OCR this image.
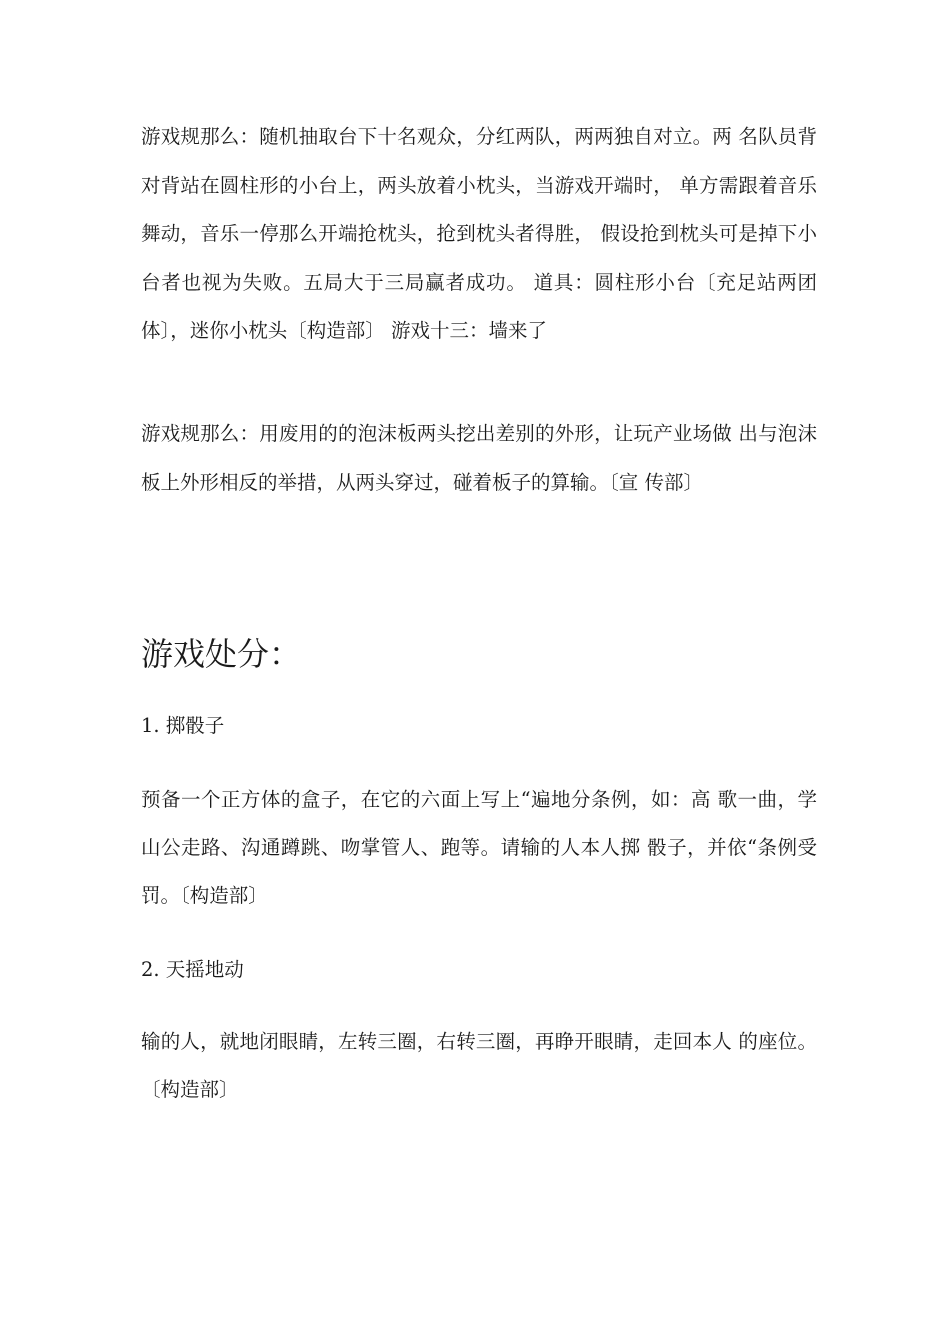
游戏规那么：随机抽取台下十名观众，分红两队，两两独自对立。两 名队员背对背站在圆柱形的小台上，两头放着小枕头，当游戏开端时， 单方需跟着音乐舞动，音乐一停那么开端抢枕头，抢到枕头者得胜， 假设抢到枕头可是掉下小台者也视为失败。五局大于三局赢者成功。 道具：圆柱形小台〔充足站两团体〕，迷你小枕头〔构造部〕 游戏十三：墙来了

游戏规那么：用废用的的泡沫板两头挖出差别的外形，让玩产业场做 出与泡沫板上外形相反的举措，从两头穿过，碰着板子的算输。〔宣 传部〕

游戏处分：

1. 掷骰子

预备一个正方体的盒子，在它的六面上写上“遍地分条例，如：高 歌一曲，学山公走路、沟通蹲跳、吻掌管人、跑等。请输的人本人掷 骰子，并依“条例受罚。〔构造部〕

2. 天摇地动

输的人，就地闭眼睛，左转三圈，右转三圈，再睁开眼睛，走回本人 的座位。〔构造部〕
